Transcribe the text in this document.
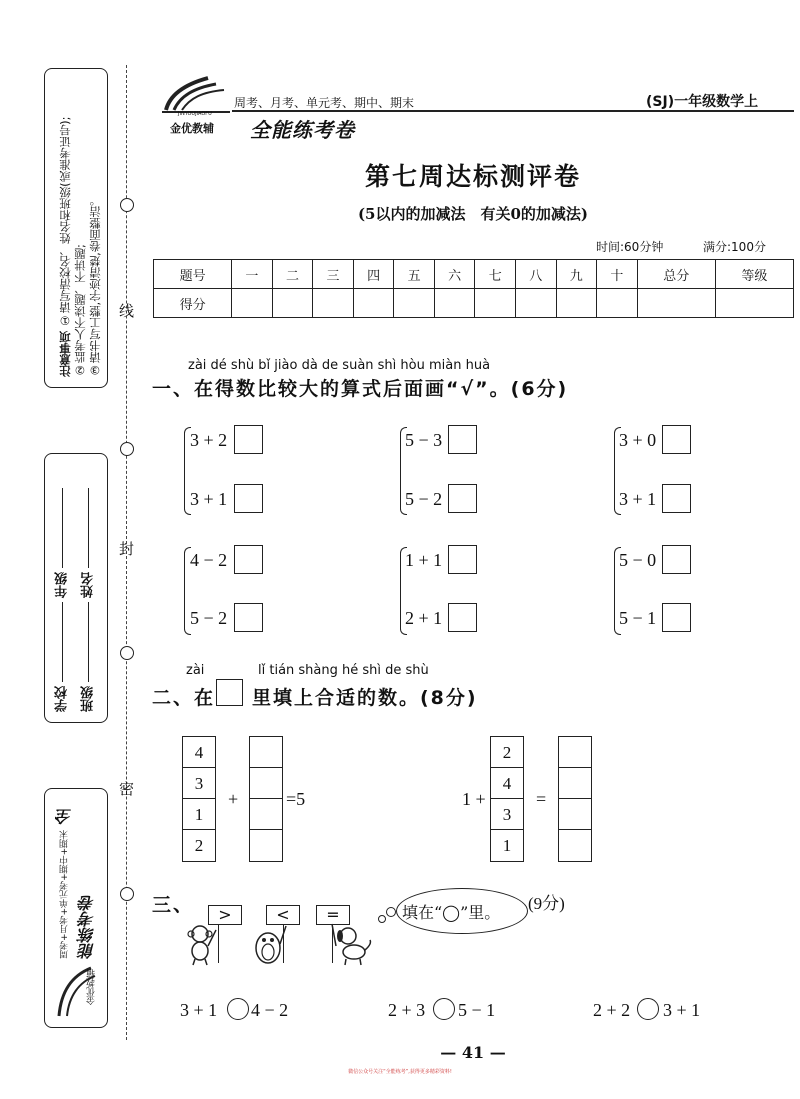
线
封
密
注意事项 ①请写清校名、姓名和班级(或准考证号);
②监考人不读题、不讲题;
③请书写工整,字迹清楚,卷面整洁。
学校年级
班级姓名
周考+月考+单元考+期中+期末 全能练考卷
金优教辅
JINYOUJIAOFU
金优教辅
周考、月考、单元考、期中、期末
全能练考卷
(SJ)一年级数学上
第七周达标测评卷
(5以内的加减法　有关0的加减法)
时间:60分钟	满分:100分
题号	一	二	三	四	五	六	七	八	九	十	总分	等级
得分												
zài dé shù bǐ jiào dà de suàn shì hòu miàn huà
一、在得数比较大的算式后面画“√”。(6分)
3 + 2
3 + 1
5 − 3
5 − 2
3 + 0
3 + 1
4 − 2
5 − 2
1 + 1
2 + 1
5 − 0
5 − 1
zài	lǐ tián shàng hé shì de shù
二、在 里填上合适的数。(8分)
4
3
1
2
+	=5	1 +
2
4
3
1
=
三、	>	<	=	填在“◯”里。 (9分)
3 + 1 4 − 2	2 + 3 5 − 1	2 + 2 3 + 1
— 41 —
微信公众号关注“全能练考”,获得更多精彩资料!
